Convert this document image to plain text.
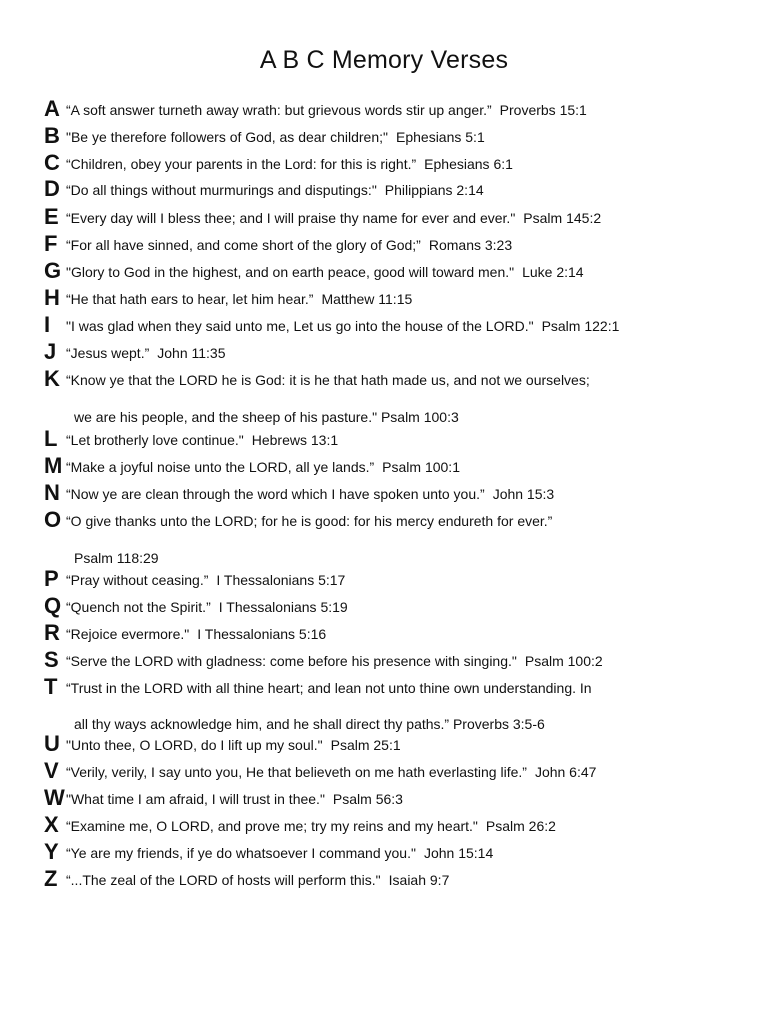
A B C Memory Verses
A “A soft answer turneth away wrath: but grievous words stir up anger.” Proverbs 15:1
B "Be ye therefore followers of God, as dear children;" Ephesians 5:1
C “Children, obey your parents in the Lord: for this is right.” Ephesians 6:1
D “Do all things without murmurings and disputings:" Philippians 2:14
E “Every day will I bless thee; and I will praise thy name for ever and ever." Psalm 145:2
F “For all have sinned, and come short of the glory of God;” Romans 3:23
G "Glory to God in the highest, and on earth peace, good will toward men." Luke 2:14
H “He that hath ears to hear, let him hear.” Matthew 11:15
I "I was glad when they said unto me, Let us go into the house of the LORD." Psalm 122:1
J “Jesus wept.” John 11:35
K “Know ye that the LORD he is God: it is he that hath made us, and not we ourselves;
we are his people, and the sheep of his pasture." Psalm 100:3
L “Let brotherly love continue." Hebrews 13:1
M “Make a joyful noise unto the LORD, all ye lands.” Psalm 100:1
N “Now ye are clean through the word which I have spoken unto you.” John 15:3
O “O give thanks unto the LORD; for he is good: for his mercy endureth for ever.”
Psalm 118:29
P “Pray without ceasing.” I Thessalonians 5:17
Q “Quench not the Spirit.” I Thessalonians 5:19
R “Rejoice evermore." I Thessalonians 5:16
S “Serve the LORD with gladness: come before his presence with singing." Psalm 100:2
T “Trust in the LORD with all thine heart; and lean not unto thine own understanding. In
all thy ways acknowledge him, and he shall direct thy paths.” Proverbs 3:5-6
U "Unto thee, O LORD, do I lift up my soul." Psalm 25:1
V “Verily, verily, I say unto you, He that believeth on me hath everlasting life.” John 6:47
W "What time I am afraid, I will trust in thee." Psalm 56:3
X “Examine me, O LORD, and prove me; try my reins and my heart." Psalm 26:2
Y “Ye are my friends, if ye do whatsoever I command you." John 15:14
Z “...The zeal of the LORD of hosts will perform this." Isaiah 9:7
